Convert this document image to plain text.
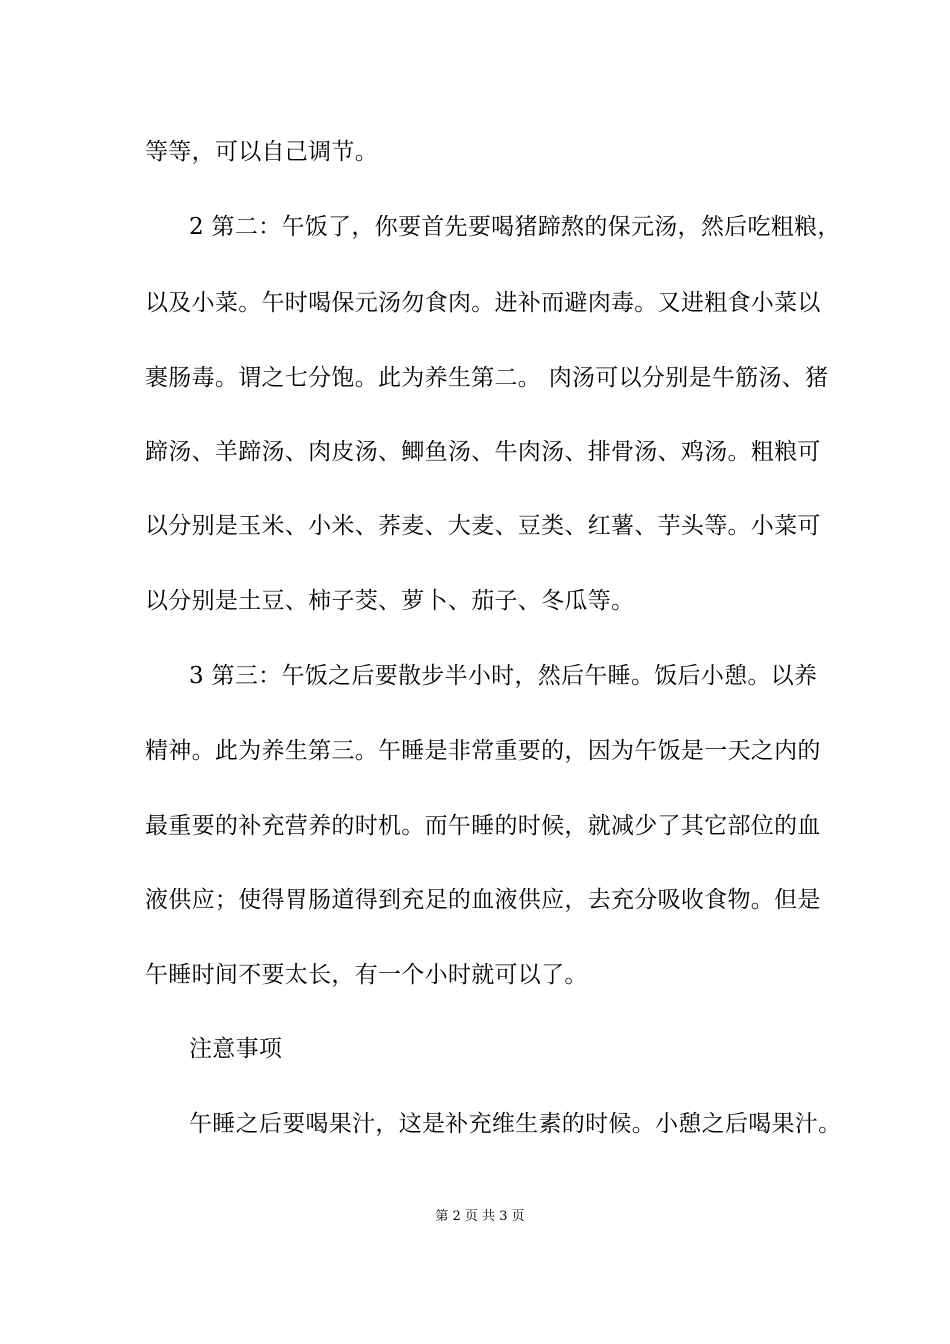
等等，可以自己调节。
2 第二：午饭了，你要首先要喝猪蹄熬的保元汤，然后吃粗粮，
以及小菜。午时喝保元汤勿食肉。进补而避肉毒。又进粗食小菜以
裹肠毒。谓之七分饱。此为养生第二。 肉汤可以分别是牛筋汤、猪
蹄汤、羊蹄汤、肉皮汤、鲫鱼汤、牛肉汤、排骨汤、鸡汤。粗粮可
以分别是玉米、小米、荞麦、大麦、豆类、红薯、芋头等。小菜可
以分别是土豆、柿子茭、萝卜、茄子、冬瓜等。
3 第三：午饭之后要散步半小时，然后午睡。饭后小憩。以养
精神。此为养生第三。午睡是非常重要的，因为午饭是一天之内的
最重要的补充营养的时机。而午睡的时候，就减少了其它部位的血
液供应；使得胃肠道得到充足的血液供应，去充分吸收食物。但是
午睡时间不要太长，有一个小时就可以了。
注意事项
午睡之后要喝果汁，这是补充维生素的时候。小憩之后喝果汁。
第 2 页 共 3 页
